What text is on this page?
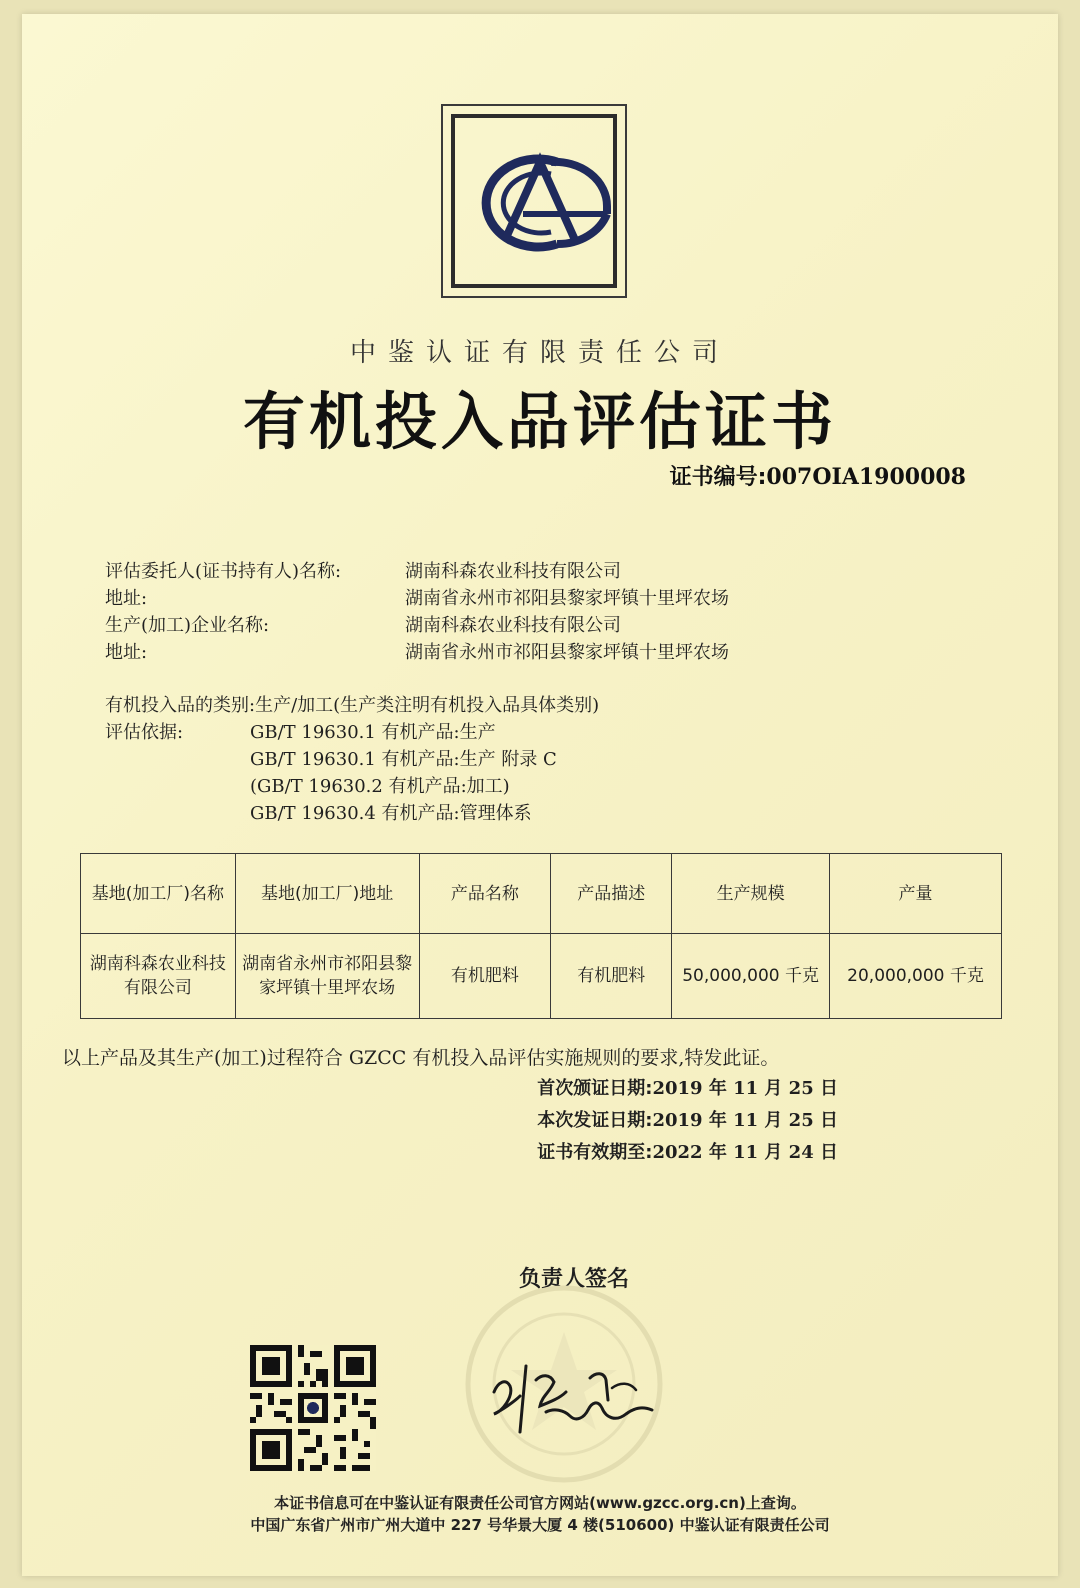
中鉴认证有限责任公司
有机投入品评估证书
证书编号:007OIA1900008
评估委托人(证书持有人)名称:	湖南科森农业科技有限公司
地址:	湖南省永州市祁阳县黎家坪镇十里坪农场
生产(加工)企业名称:	湖南科森农业科技有限公司
地址:	湖南省永州市祁阳县黎家坪镇十里坪农场
有机投入品的类别:生产/加工(生产类注明有机投入品具体类别)
评估依据:	GB/T 19630.1 有机产品:生产
GB/T 19630.1 有机产品:生产 附录 C
(GB/T 19630.2 有机产品:加工)
GB/T 19630.4 有机产品:管理体系
基地(加工厂)名称	基地(加工厂)地址	产品名称	产品描述	生产规模	产量
湖南科森农业科技有限公司	湖南省永州市祁阳县黎家坪镇十里坪农场	有机肥料	有机肥料	50,000,000 千克	20,000,000 千克
以上产品及其生产(加工)过程符合 GZCC 有机投入品评估实施规则的要求,特发此证。
首次颁证日期:2019 年 11 月 25 日
本次发证日期:2019 年 11 月 25 日
证书有效期至:2022 年 11 月 24 日
负责人签名
本证书信息可在中鉴认证有限责任公司官方网站(www.gzcc.org.cn)上查询。
中国广东省广州市广州大道中 227 号华景大厦 4 楼(510600) 中鉴认证有限责任公司
